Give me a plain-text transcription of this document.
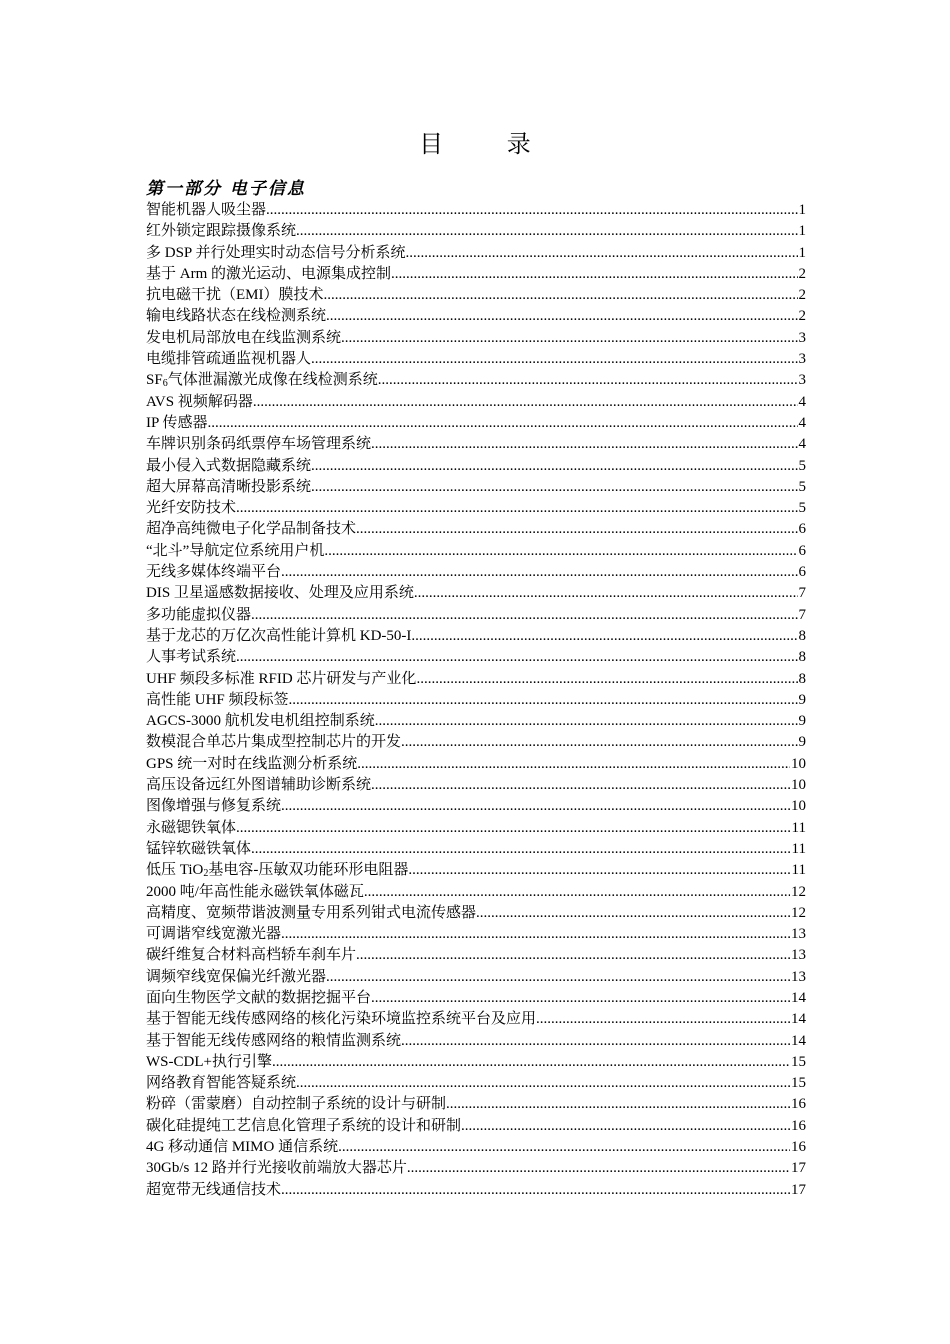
目 录
第一部分 电子信息
智能机器人吸尘器 .....	1
红外锁定跟踪摄像系统 .....	1
多 DSP 并行处理实时动态信号分析系统 .....	1
基于 Arm 的激光运动、电源集成控制 .....	2
抗电磁干扰（EMI）膜技术 .....	2
输电线路状态在线检测系统 .....	2
发电机局部放电在线监测系统 .....	3
电缆排管疏通监视机器人 .....	3
$SF_6$气体泄漏激光成像在线检测系统 .....	3
AVS 视频解码器 .....	4
IP 传感器 .....	4
车牌识别条码纸票停车场管理系统 .....	4
最小侵入式数据隐藏系统 .....	5
超大屏幕高清晰投影系统 .....	5
光纤安防技术 .....	5
超净高纯微电子化学品制备技术 .....	6
“北斗”导航定位系统用户机 .....	6
无线多媒体终端平台 .....	6
DIS 卫星遥感数据接收、处理及应用系统 .....	7
多功能虚拟仪器 .....	7
基于龙芯的万亿次高性能计算机 KD-50-I .....	8
人事考试系统 .....	8
UHF 频段多标准 RFID 芯片研发与产业化 .....	8
高性能 UHF 频段标签 .....	9
AGCS-3000 航机发电机组控制系统 .....	9
数模混合单芯片集成型控制芯片的开发 .....	9
GPS 统一对时在线监测分析系统 .....	10
高压设备远红外图谱辅助诊断系统 .....	10
图像增强与修复系统 .....	10
永磁锶铁氧体 .....	11
锰锌软磁铁氧体 .....	11
低压 TiO$_2$基电容-压敏双功能环形电阻器 .....	11
2000 吨/年高性能永磁铁氧体磁瓦 .....	12
高精度、宽频带谐波测量专用系列钳式电流传感器 .....	12
可调谐窄线宽激光器 .....	13
碳纤维复合材料高档轿车刹车片 .....	13
调频窄线宽保偏光纤激光器 .....	13
面向生物医学文献的数据挖掘平台 .....	14
基于智能无线传感网络的核化污染环境监控系统平台及应用 .....	14
基于智能无线传感网络的粮情监测系统 .....	14
WS-CDL+执行引擎 .....	15
网络教育智能答疑系统 .....	15
粉碎（雷蒙磨）自动控制子系统的设计与研制 .....	16
碳化硅提纯工艺信息化管理子系统的设计和研制 .....	16
4G 移动通信 MIMO 通信系统 .....	16
30Gb/s 12 路并行光接收前端放大器芯片 .....	17
超宽带无线通信技术 .....	17
